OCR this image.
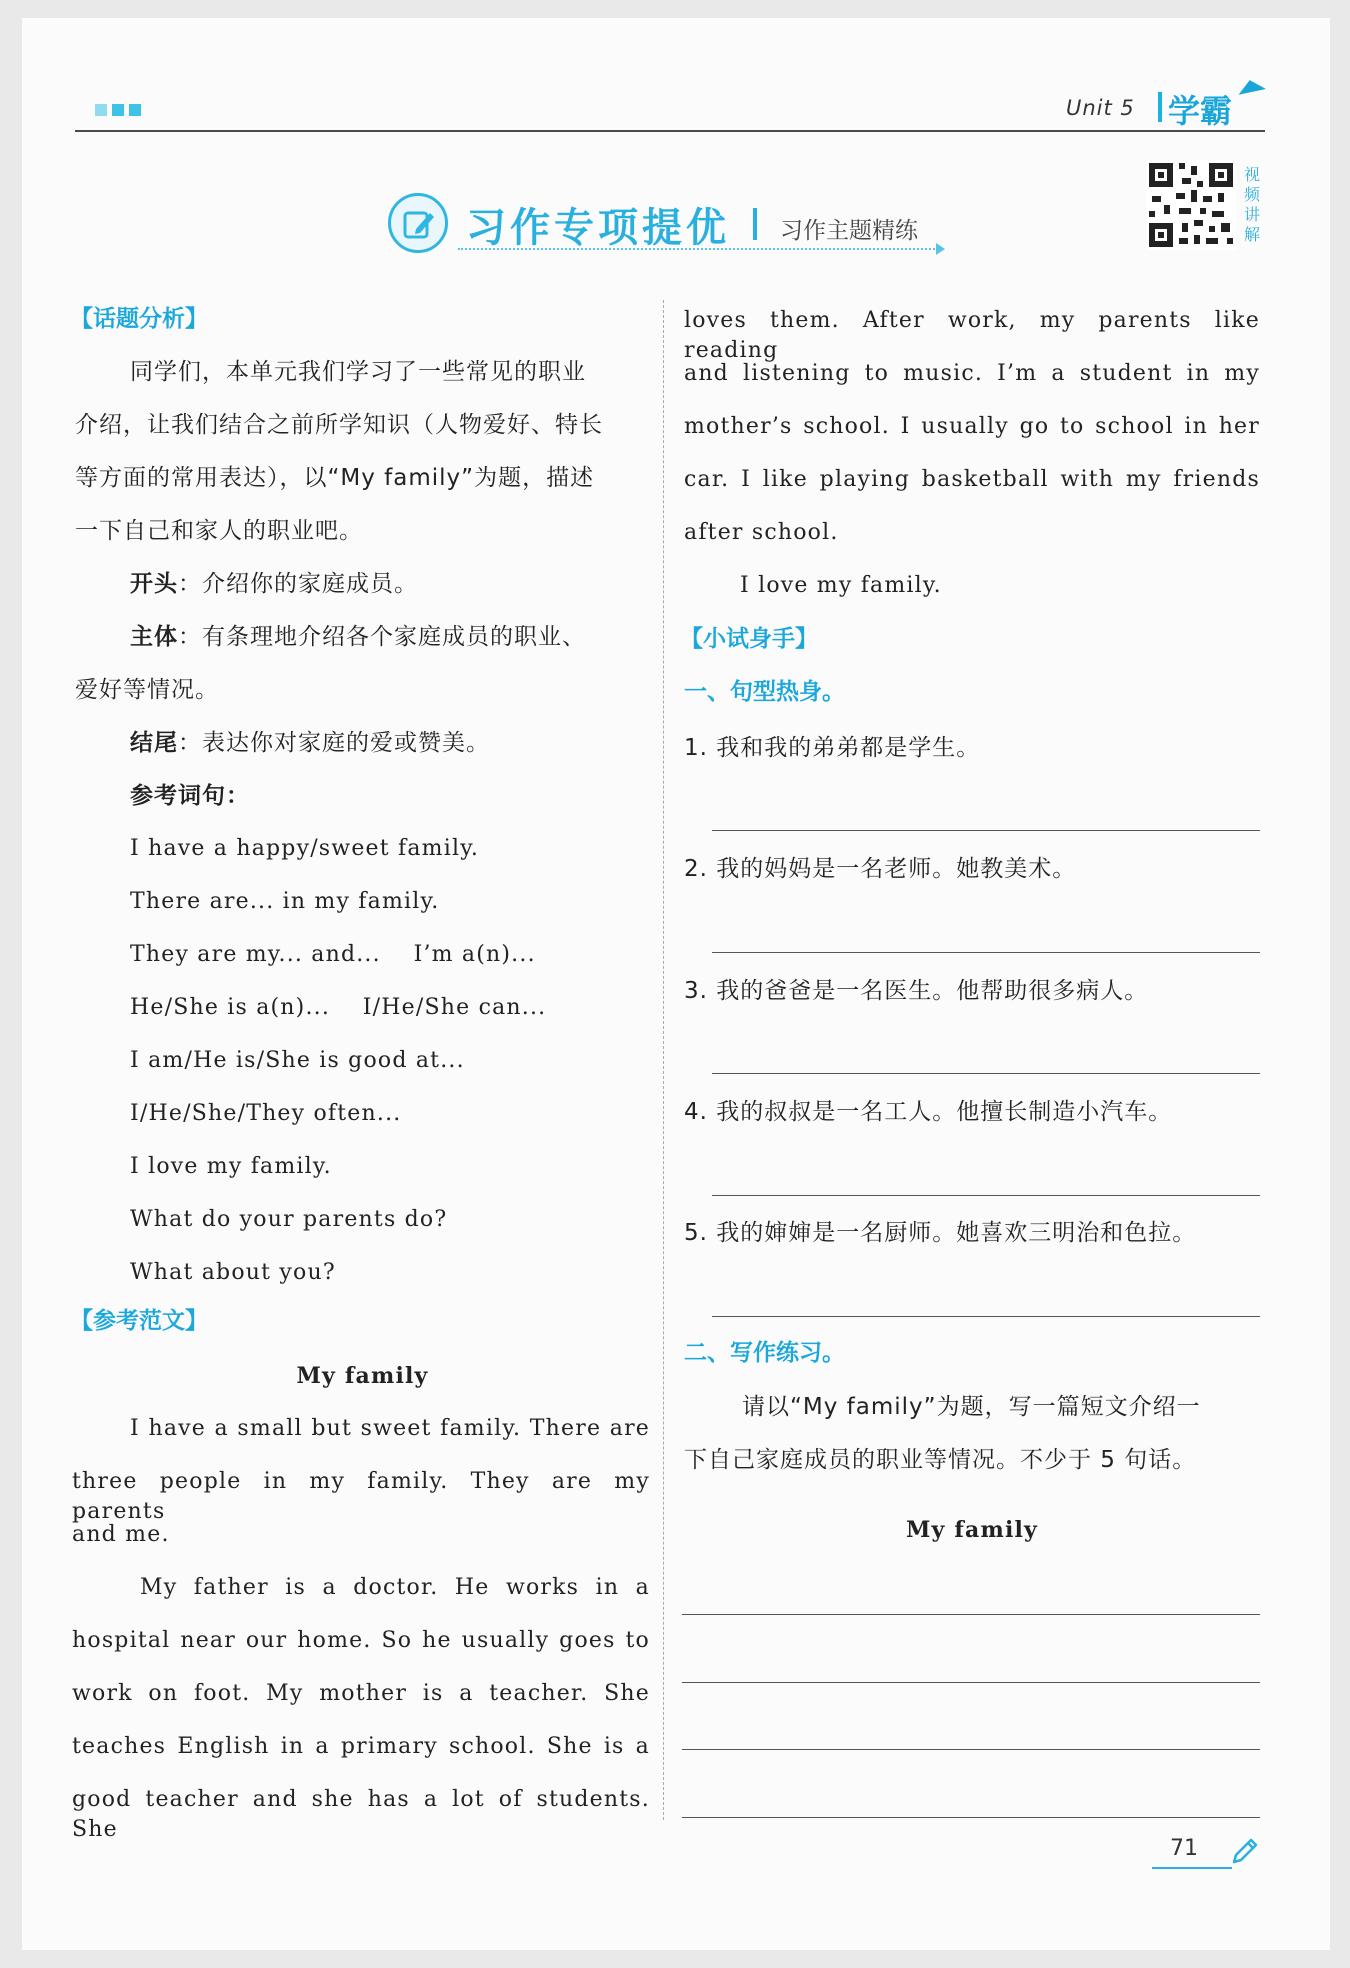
Unit 5 学霸
习作专项提优 习作主题精练
视
频
讲
解
【话题分析】
同学们，本单元我们学习了一些常见的职业
介绍，让我们结合之前所学知识（人物爱好、特长
等方面的常用表达），以“My family”为题，描述
一下自己和家人的职业吧。
开头：介绍你的家庭成员。
主体：有条理地介绍各个家庭成员的职业、
爱好等情况。
结尾：表达你对家庭的爱或赞美。
参考词句：
I have a happy/sweet family.
There are... in my family.
They are my... and...    I’m a(n)...
He/She is a(n)...    I/He/She can...
I am/He is/She is good at...
I/He/She/They often...
I love my family.
What do your parents do?
What about you?
【参考范文】
My family
I have a small but sweet family. There are
three people in my family. They are my parents
and me.
My father is a doctor. He works in a
hospital near our home. So he usually goes to
work on foot. My mother is a teacher. She
teaches English in a primary school. She is a
good teacher and she has a lot of students. She
loves them. After work, my parents like reading
and listening to music. I’m a student in my
mother’s school. I usually go to school in her
car. I like playing basketball with my friends
after school.
I love my family.
【小试身手】
一、句型热身。
1. 我和我的弟弟都是学生。
2. 我的妈妈是一名老师。她教美术。
3. 我的爸爸是一名医生。他帮助很多病人。
4. 我的叔叔是一名工人。他擅长制造小汽车。
5. 我的婶婶是一名厨师。她喜欢三明治和色拉。
二、写作练习。
请以“My family”为题，写一篇短文介绍一
下自己家庭成员的职业等情况。不少于 5 句话。
My family
71
